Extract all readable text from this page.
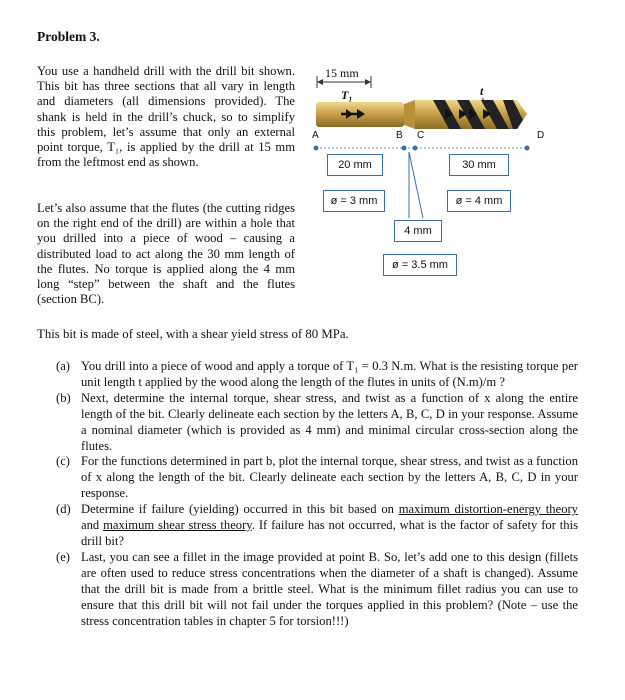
Problem 3.

You use a handheld drill with the drill bit shown. This bit has three sections that all vary in length and diameters (all dimensions provided). The shank is held in the drill’s chuck, so to simplify this problem, let’s assume that only an external point torque, T₁, is applied by the drill at 15 mm from the leftmost end as shown.

Let’s also assume that the flutes (the cutting ridges on the right end of the drill) are within a hole that you drilled into a piece of wood – causing a distributed load to act along the 30 mm length of the flutes. No torque is applied along the 4 mm long “step” between the shaft and the flutes (section BC).

This bit is made of steel, with a shear yield stress of 80 MPa.

15 mm
T₁	t
A	B C	D
20 mm
ø = 3 mm
4 mm
ø = 3.5 mm
30 mm
ø = 4 mm

(a) You drill into a piece of wood and apply a torque of T₁ = 0.3 N.m. What is the resisting torque per unit length t applied by the wood along the length of the flutes in units of (N.m)/m ?

(b) Next, determine the internal torque, shear stress, and twist as a function of x along the entire length of the bit. Clearly delineate each section by the letters A, B, C, D in your response. Assume a nominal diameter (which is provided as 4 mm) and minimal circular cross-section along the flutes.

(c) For the functions determined in part b, plot the internal torque, shear stress, and twist as a function of x along the length of the bit. Clearly delineate each section by the letters A, B, C, D in your response.

(d) Determine if failure (yielding) occurred in this bit based on maximum distortion-energy theory and maximum shear stress theory. If failure has not occurred, what is the factor of safety for this drill bit?

(e) Last, you can see a fillet in the image provided at point B. So, let’s add one to this design (fillets are often used to reduce stress concentrations when the diameter of a shaft is changed). Assume that the drill bit is made from a brittle steel. What is the minimum fillet radius you can use to ensure that this drill bit will not fail under the torques applied in this problem? (Note – use the stress concentration tables in chapter 5 for torsion!!!)
